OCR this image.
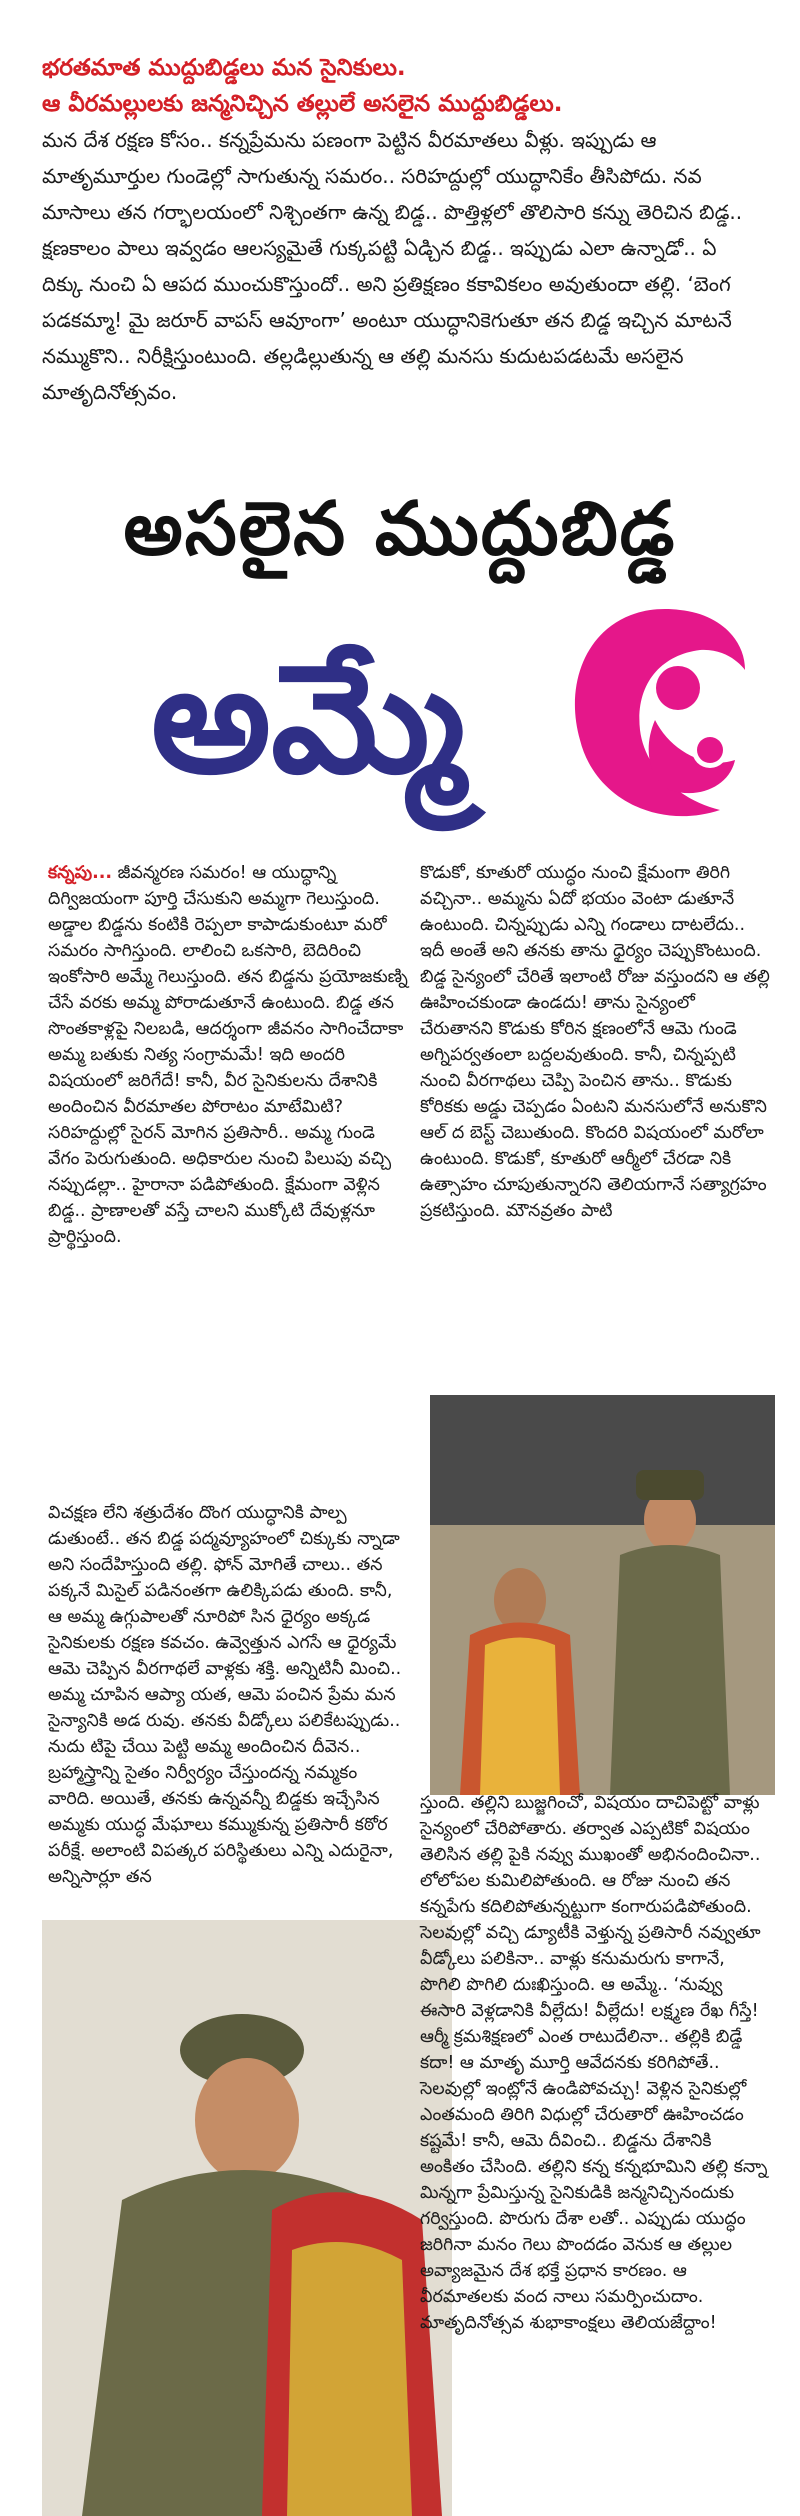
భరతమాత ముద్దుబిడ్డలు మన సైనికులు.
ఆ వీరమల్లులకు జన్మనిచ్చిన తల్లులే అసలైన ముద్దుబిడ్డలు.

మన దేశ రక్షణ కోసం.. కన్నప్రేమను పణంగా పెట్టిన వీరమాతలు వీళ్లు. ఇప్పుడు ఆ మాతృమూర్తుల గుండెల్లో సాగుతున్న సమరం.. సరిహద్దుల్లో యుద్ధానికేం తీసిపోదు. నవ మాసాలు తన గర్భాలయంలో నిశ్చింతగా ఉన్న బిడ్డ.. పొత్తిళ్లలో తొలిసారి కన్ను తెరిచిన బిడ్డ.. క్షణకాలం పాలు ఇవ్వడం ఆలస్యమైతే గుక్కపట్టి ఏడ్చిన బిడ్డ.. ఇప్పుడు ఎలా ఉన్నాడో.. ఏ దిక్కు నుంచి ఏ ఆపద ముంచుకొస్తుందో.. అని ప్రతిక్షణం కకావికలం అవుతుందా తల్లి. ‘బెంగ పడకమ్మా! మై జరూర్ వాపస్ ఆవూంగా’ అంటూ యుద్ధానికెగుతూ తన బిడ్డ ఇచ్చిన మాటనే నమ్ముకొని.. నిరీక్షిస్తుంటుంది. తల్లడిల్లుతున్న ఆ తల్లి మనసు కుదుటపడటమే అసలైన మాతృదినోత్సవం.

అసలైన ముద్దుబిడ్డ
అమ్మే
కన్నపు... జీవన్మరణ సమరం! ఆ యుద్ధాన్ని దిగ్విజయంగా పూర్తి చేసుకుని అమ్మగా గెలుస్తుంది. అడ్డాల బిడ్డను కంటికి రెప్పలా కాపాడుకుంటూ మరో సమరం సాగిస్తుంది. లాలించి ఒకసారి, బెదిరించి ఇంకోసారి అమ్మే గెలుస్తుంది. తన బిడ్డను ప్రయోజకుణ్ని చేసే వరకు అమ్మ పోరాడుతూనే ఉంటుంది. బిడ్డ తన సొంతకాళ్లపై నిలబడి, ఆదర్శంగా జీవనం సాగించేదాకా అమ్మ బతుకు నిత్య సంగ్రామమే! ఇది అందరి విషయంలో జరిగేదే! కానీ, వీర సైనికులను దేశానికి అందించిన వీరమాతల పోరాటం మాటేమిటి? సరిహద్దుల్లో సైరన్ మోగిన ప్రతిసారీ.. అమ్మ గుండె వేగం పెరుగుతుంది. అధికారుల నుంచి పిలుపు వచ్చి నప్పుడల్లా.. హైరానా పడిపోతుంది. క్షేమంగా వెళ్లిన బిడ్డ.. ప్రాణాలతో వస్తే చాలని ముక్కోటి దేవుళ్లనూ ప్రార్థిస్తుంది.
కొడుకో, కూతురో యుద్ధం నుంచి క్షేమంగా తిరిగి వచ్చినా.. అమ్మను ఏదో భయం వెంటా డుతూనే ఉంటుంది. చిన్నప్పుడు ఎన్ని గండాలు దాటలేదు.. ఇదీ అంతే అని తనకు తాను ధైర్యం చెప్పుకొంటుంది. బిడ్డ సైన్యంలో చేరితే ఇలాంటి రోజు వస్తుందని ఆ తల్లి ఊహించకుండా ఉండదు! తాను సైన్యంలో చేరుతానని కొడుకు కోరిన క్షణంలోనే ఆమె గుండె అగ్నిపర్వతంలా బద్దలవుతుంది. కానీ, చిన్నప్పటి నుంచి వీరగాథలు చెప్పి పెంచిన తాను.. కొడుకు కోరికకు అడ్డు చెప్పడం ఏంటని మనసులోనే అనుకొని ఆల్ ద బెస్ట్ చెబుతుంది. కొందరి విషయంలో మరోలా ఉంటుంది. కొడుకో, కూతురో ఆర్మీలో చేరడా నికి ఉత్సాహం చూపుతున్నారని తెలియగానే సత్యాగ్రహం ప్రకటిస్తుంది. మౌనవ్రతం పాటి
విచక్షణ లేని శత్రుదేశం దొంగ యుద్ధానికి పాల్ప డుతుంటే.. తన బిడ్డ పద్మవ్యూహంలో చిక్కుకు న్నాడా అని సందేహిస్తుంది తల్లి. ఫోన్ మోగితే చాలు.. తన పక్కనే మిసైల్ పడినంతగా ఉలిక్కిపడు తుంది. కానీ, ఆ అమ్మ ఉగ్గుపాలతో నూరిపో సిన ధైర్యం అక్కడ సైనికులకు రక్షణ కవచం. ఉవ్వెత్తున ఎగసే ఆ ధైర్యమే ఆమె చెప్పిన వీరగాథలే వాళ్లకు శక్తి. అన్నిటినీ మించి.. అమ్మ చూపిన ఆప్యా యత, ఆమె పంచిన ప్రేమ మన సైన్యానికి అడ రువు. తనకు వీడ్కోలు పలికేటప్పుడు.. నుదు టిపై చేయి పెట్టి అమ్మ అందించిన దీవెన.. బ్రహ్మాస్త్రాన్ని సైతం నిర్వీర్యం చేస్తుందన్న నమ్మకం వారిది. అయితే, తనకు ఉన్నవన్నీ బిడ్డకు ఇచ్చేసిన అమ్మకు యుద్ధ మేఘాలు కమ్ముకున్న ప్రతిసారీ కఠోర పరీక్షే. అలాంటి విపత్కర పరిస్థితులు ఎన్ని ఎదురైనా, అన్నిసార్లూ తన
స్తుంది. తల్లిని బుజ్జగించో, విషయం దాచిపెట్టో వాళ్లు సైన్యంలో చేరిపోతారు. తర్వాత ఎప్పటికో విషయం తెలిసిన తల్లి పైకి నవ్వు ముఖంతో అభినందించినా.. లోలోపల కుమిలిపోతుంది. ఆ రోజు నుంచి తన కన్నపేగు కదిలిపోతున్నట్టుగా కంగారుపడిపోతుంది. సెలవుల్లో వచ్చి డ్యూటీకి వెళ్తున్న ప్రతిసారీ నవ్వుతూ వీడ్కోలు పలికినా.. వాళ్లు కనుమరుగు కాగానే, పొగిలి పొగిలి దుఃఖిస్తుంది. ఆ అమ్మే.. ‘నువ్వు ఈసారి వెళ్లడానికి వీల్లేదు! వీల్లేదు! లక్ష్మణ రేఖ గీస్తే! ఆర్మీ క్రమశిక్షణలో ఎంత రాటుదేలినా.. తల్లికి బిడ్డే కదా! ఆ మాతృ మూర్తి ఆవేదనకు కరిగిపోతే.. సెలవుల్లో ఇంట్లోనే ఉండిపోవచ్చు! వెళ్లిన సైనికుల్లో ఎంతమంది తిరిగి విధుల్లో చేరుతారో ఊహించడం కష్టమే! కానీ, ఆమె దీవించి.. బిడ్డను దేశానికి అంకితం చేసింది. తల్లిని కన్న కన్నభూమిని తల్లి కన్నా మిన్నగా ప్రేమిస్తున్న సైనికుడికి జన్మనిచ్చినందుకు గర్విస్తుంది. పొరుగు దేశా లతో.. ఎప్పుడు యుద్ధం జరిగినా మనం గెలు పొందడం వెనుక ఆ తల్లుల అవ్యాజమైన దేశ భక్తే ప్రధాన కారణం. ఆ వీరమాతలకు వంద నాలు సమర్పించుదాం. మాతృదినోత్సవ శుభాకాంక్షలు తెలియజేద్దాం!
